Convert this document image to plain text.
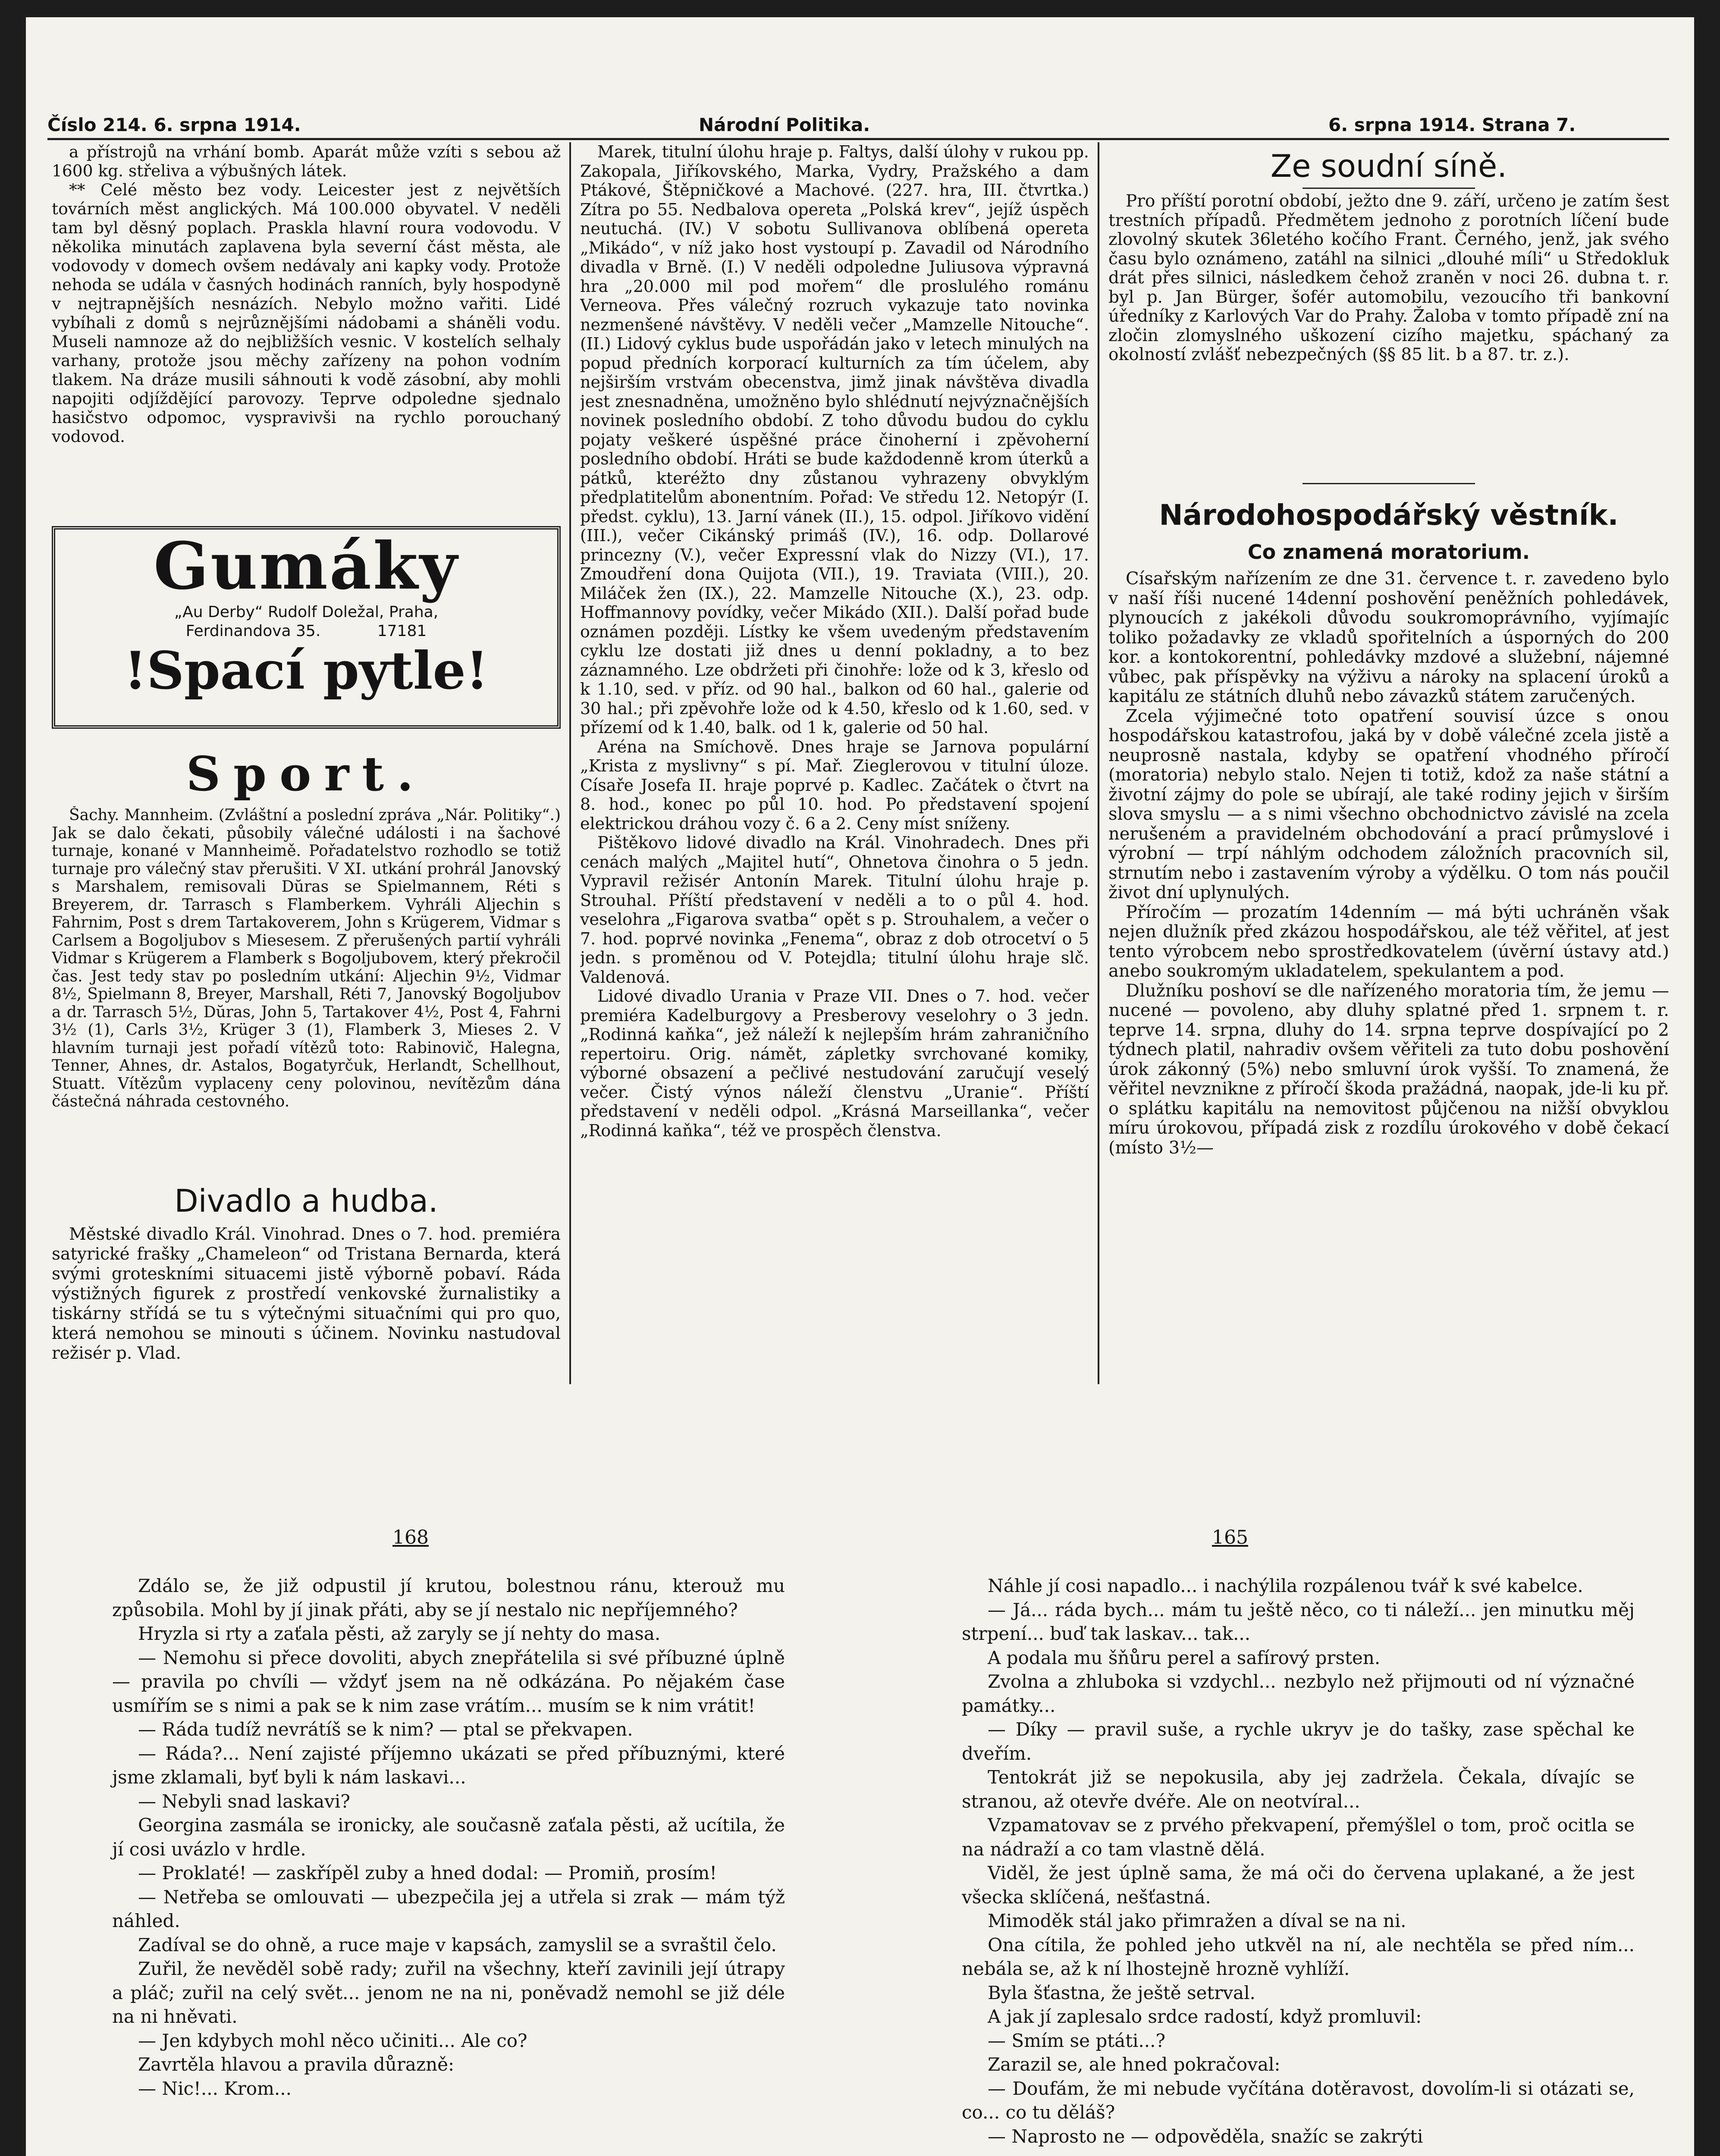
Číslo 214. 6. srpna 1914.	Národní Politika.	6. srpna 1914. Strana 7.

a přístrojů na vrhání bomb. Aparát může vzíti s sebou až 1600 kg. střeliva a výbušných látek.

** Celé město bez vody. Leicester jest z největších továrních měst anglických. Má 100.000 obyvatel. V neděli tam byl děsný poplach. Praskla hlavní roura vodovodu. V několika minutách zaplavena byla severní část města, ale vodovody v domech ovšem nedávaly ani kapky vody. Protože nehoda se udála v časných hodinách ranních, byly hospodyně v nejtrapnějších nesnázích. Nebylo možno vařiti. Lidé vybíhali z domů s nejrůznějšími nádobami a sháněli vodu. Museli namnoze až do nejbližších vesnic. V kostelích selhaly varhany, protože jsou měchy zařízeny na pohon vodním tlakem. Na dráze musili sáhnouti k vodě zásobní, aby mohli napojiti odjíždějící parovozy. Teprve odpoledne sjednalo hasičstvo odpomoc, vyspravivši na rychlo porouchaný vodovod.

Gumáky
„Au Derby“ Rudolf Doležal, Praha,
Ferdinandova 35.	17181
!Spací pytle!
Sport.

Šachy. Mannheim. (Zvláštní a poslední zpráva „Nár. Politiky“.) Jak se dalo čekati, působily válečné události i na šachové turnaje, konané v Mannheimě. Pořadatelstvo rozhodlo se totiž turnaje pro válečný stav přerušiti. V XI. utkání prohrál Janovský s Marshalem, remisovali Dŭras se Spielmannem, Réti s Breyerem, dr. Tarrasch s Flamberkem. Vyhráli Aljechin s Fahrnim, Post s drem Tartakoverem, John s Krügerem, Vidmar s Carlsem a Bogoljubov s Miesesem. Z přerušených partií vyhráli Vidmar s Krügerem a Flamberk s Bogoljubovem, který překročil čas. Jest tedy stav po posledním utkání: Aljechin 9½, Vidmar 8½, Spielmann 8, Breyer, Marshall, Réti 7, Janovský Bogoljubov a dr. Tarrasch 5½, Dŭras, John 5, Tartakover 4½, Post 4, Fahrni 3½ (1), Carls 3½, Krüger 3 (1), Flamberk 3, Mieses 2. V hlavním turnaji jest pořadí vítězů toto: Rabinovič, Halegna, Tenner, Ahnes, dr. Astalos, Bogatyrčuk, Herlandt, Schellhout, Stuatt. Vítězům vyplaceny ceny polovinou, nevítězům dána částečná náhrada cestovného.

Divadlo a hudba.

Městské divadlo Král. Vinohrad. Dnes o 7. hod. premiéra satyrické frašky „Chameleon“ od Tristana Bernarda, která svými groteskními situacemi jistě výborně pobaví. Ráda výstižných figurek z prostředí venkovské žurnalistiky a tiskárny střídá se tu s výtečnými situačními qui pro quo, která nemohou se minouti s účinem. Novinku nastudoval režisér p. Vlad.

Marek, titulní úlohu hraje p. Faltys, další úlohy v rukou pp. Zakopala, Jiříkovského, Marka, Vydry, Pražského a dam Ptákové, Štěpničkové a Machové. (227. hra, III. čtvrtka.) Zítra po 55. Nedbalova opereta „Polská krev“, jejíž úspěch neutuchá. (IV.) V sobotu Sullivanova oblíbená opereta „Mikádo“, v níž jako host vystoupí p. Zavadil od Národního divadla v Brně. (I.) V neděli odpoledne Juliusova výpravná hra „20.000 mil pod mořem“ dle proslulého románu Verneova. Přes válečný rozruch vykazuje tato novinka nezmenšené návštěvy. V neděli večer „Mamzelle Nitouche“. (II.) Lidový cyklus bude uspořádán jako v letech minulých na popud předních korporací kulturních za tím účelem, aby nejširším vrstvám obecenstva, jimž jinak návštěva divadla jest znesnadněna, umožněno bylo shlédnutí nejvýznačnějších novinek posledního období. Z toho důvodu budou do cyklu pojaty veškeré úspěšné práce činoherní i zpěvoherní posledního období. Hráti se bude každodenně krom úterků a pátků, kteréžto dny zůstanou vyhrazeny obvyklým předplatitelům abonentním. Pořad: Ve středu 12. Netopýr (I. předst. cyklu), 13. Jarní vánek (II.), 15. odpol. Jiříkovo vidění (III.), večer Cikánský primáš (IV.), 16. odp. Dollarové princezny (V.), večer Expressní vlak do Nizzy (VI.), 17. Zmoudření dona Quijota (VII.), 19. Traviata (VIII.), 20. Miláček žen (IX.), 22. Mamzelle Nitouche (X.), 23. odp. Hoffmannovy povídky, večer Mikádo (XII.). Další pořad bude oznámen později. Lístky ke všem uvedeným představením cyklu lze dostati již dnes u denní pokladny, a to bez záznamného. Lze obdržeti při činohře: lože od k 3, křeslo od k 1.10, sed. v příz. od 90 hal., balkon od 60 hal., galerie od 30 hal.; při zpěvohře lože od k 4.50, křeslo od k 1.60, sed. v přízemí od k 1.40, balk. od 1 k, galerie od 50 hal.

Aréna na Smíchově. Dnes hraje se Jarnova populární „Krista z myslivny“ s pí. Mař. Zieglerovou v titulní úloze. Císaře Josefa II. hraje poprvé p. Kadlec. Začátek o čtvrt na 8. hod., konec po půl 10. hod. Po představení spojení elektrickou dráhou vozy č. 6 a 2. Ceny míst sníženy.

Pištěkovo lidové divadlo na Král. Vinohradech. Dnes při cenách malých „Majitel hutí“, Ohnetova činohra o 5 jedn. Vypravil režisér Antonín Marek. Titulní úlohu hraje p. Strouhal. Příští představení v neděli a to o půl 4. hod. veselohra „Figarova svatba“ opět s p. Strouhalem, a večer o 7. hod. poprvé novinka „Fenema“, obraz z dob otrocetví o 5 jedn. s proměnou od V. Potejdla; titulní úlohu hraje slč. Valdenová.

Lidové divadlo Urania v Praze VII. Dnes o 7. hod. večer premiéra Kadelburgovy a Presberovy veselohry o 3 jedn. „Rodinná kaňka“, jež náleží k nejlepším hrám zahraničního repertoiru. Orig. námět, zápletky svrchované komiky, výborné obsazení a pečlivé nestudování zaručují veselý večer. Čistý výnos náleží členstvu „Uranie“. Příští představení v neděli odpol. „Krásná Marseillanka“, večer „Rodinná kaňka“, též ve prospěch členstva.

Ze soudní síně.

Pro příští porotní období, ježto dne 9. září, určeno je zatím šest trestních případů. Předmětem jednoho z porotních líčení bude zlovolný skutek 36letého kočího Frant. Černého, jenž, jak svého času bylo oznámeno, zatáhl na silnici „dlouhé míli“ u Středokluk drát přes silnici, následkem čehož zraněn v noci 26. dubna t. r. byl p. Jan Bürger, šofér automobilu, vezoucího tři bankovní úředníky z Karlových Var do Prahy. Žaloba v tomto případě zní na zločin zlomyslného uškození cizího majetku, spáchaný za okolností zvlášť nebezpečných (§§ 85 lit. b a 87. tr. z.).

Národohospodářský věstník.
Co znamená moratorium.

Císařským nařízením ze dne 31. července t. r. zavedeno bylo v naší říši nucené 14denní poshovění peněžních pohledávek, plynoucích z jakékoli důvodu soukromoprávního, vyjímajíc toliko požadavky ze vkladů spořitelních a úsporných do 200 kor. a kontokorentní, pohledávky mzdové a služební, nájemné vůbec, pak příspěvky na výživu a nároky na splacení úroků a kapitálu ze státních dluhů nebo závazků státem zaručených.

Zcela výjimečné toto opatření souvisí úzce s onou hospodářskou katastrofou, jaká by v době válečné zcela jistě a neuprosně nastala, kdyby se opatření vhodného příročí (moratoria) nebylo stalo. Nejen ti totiž, kdož za naše státní a životní zájmy do pole se ubírají, ale také rodiny jejich v širším slova smyslu — a s nimi všechno obchodnictvo závislé na zcela nerušeném a pravidelném obchodování a prací průmyslové i výrobní — trpí náhlým odchodem záložních pracovních sil, strnutím nebo i zastavením výroby a výdělku. O tom nás poučil život dní uplynulých.

Příročím — prozatím 14denním — má býti uchráněn však nejen dlužník před zkázou hospodářskou, ale též věřitel, ať jest tento výrobcem nebo sprostředkovatelem (úvěrní ústavy atd.) anebo soukromým ukladatelem, spekulantem a pod.

Dlužníku poshoví se dle nařízeného moratoria tím, že jemu — nucené — povoleno, aby dluhy splatné před 1. srpnem t. r. teprve 14. srpna, dluhy do 14. srpna teprve dospívající po 2 týdnech platil, nahradiv ovšem věřiteli za tuto dobu poshovění úrok zákonný (5%) nebo smluvní úrok vyšší. To znamená, že věřitel nevznikne z příročí škoda pražádná, naopak, jde-li ku př. o splátku kapitálu na nemovitost půjčenou na nižší obvyklou míru úrokovou, případá zisk z rozdílu úrokového v době čekací (místo 3½—

168	165

Zdálo se, že již odpustil jí krutou, bolestnou ránu, kterouž mu způsobila. Mohl by jí jinak přáti, aby se jí nestalo nic nepříjemného?

Hryzla si rty a zaťala pěsti, až zaryly se jí nehty do masa.

— Nemohu si přece dovoliti, abych znepřátelila si své příbuzné úplně — pravila po chvíli — vždyť jsem na ně odkázána. Po nějakém čase usmířím se s nimi a pak se k nim zase vrátím... musím se k nim vrátit!

— Ráda tudíž nevrátíš se k nim? — ptal se překvapen.

— Ráda?... Není zajisté příjemno ukázati se před příbuznými, které jsme zklamali, byť byli k nám laskavi...

— Nebyli snad laskavi?

Georgina zasmála se ironicky, ale současně zaťala pěsti, až ucítila, že jí cosi uvázlo v hrdle.

— Proklaté! — zaskřípěl zuby a hned dodal: — Promiň, prosím!

— Netřeba se omlouvati — ubezpečila jej a utřela si zrak — mám týž náhled.

Zadíval se do ohně, a ruce maje v kapsách, zamyslil se a svraštil čelo.

Zuřil, že nevěděl sobě rady; zuřil na všechny, kteří zavinili její útrapy a pláč; zuřil na celý svět... jenom ne na ni, poněvadž nemohl se již déle na ni hněvati.

— Jen kdybych mohl něco učiniti... Ale co?

Zavrtěla hlavou a pravila důrazně:

— Nic!... Krom...

Náhle jí cosi napadlo... i nachýlila rozpálenou tvář k své kabelce.

— Já... ráda bych... mám tu ještě něco, co ti náleží... jen minutku měj strpení... buď tak laskav... tak...

A podala mu šňůru perel a safírový prsten.

Zvolna a zhluboka si vzdychl... nezbylo než přijmouti od ní význačné památky...

— Díky — pravil suše, a rychle ukryv je do tašky, zase spěchal ke dveřím.

Tentokrát již se nepokusila, aby jej zadržela. Čekala, dívajíc se stranou, až otevře dvéře. Ale on neotvíral...

Vzpamatovav se z prvého překvapení, přemýšlel o tom, proč ocitla se na nádraží a co tam vlastně dělá.

Viděl, že jest úplně sama, že má oči do červena uplakané, a že jest všecka sklíčená, nešťastná.

Mimoděk stál jako přimražen a díval se na ni.

Ona cítila, že pohled jeho utkvěl na ní, ale nechtěla se před ním... nebála se, až k ní lhostejně hrozně vyhlíží.

Byla šťastna, že ještě setrval.

A jak jí zaplesalo srdce radostí, když promluvil:

— Smím se ptáti...?

Zarazil se, ale hned pokračoval:

— Doufám, že mi nebude vyčítána dotěravost, dovolím-li si otázati se, co... co tu děláš?

— Naprosto ne — odpověděla, snažíc se zakrýti
